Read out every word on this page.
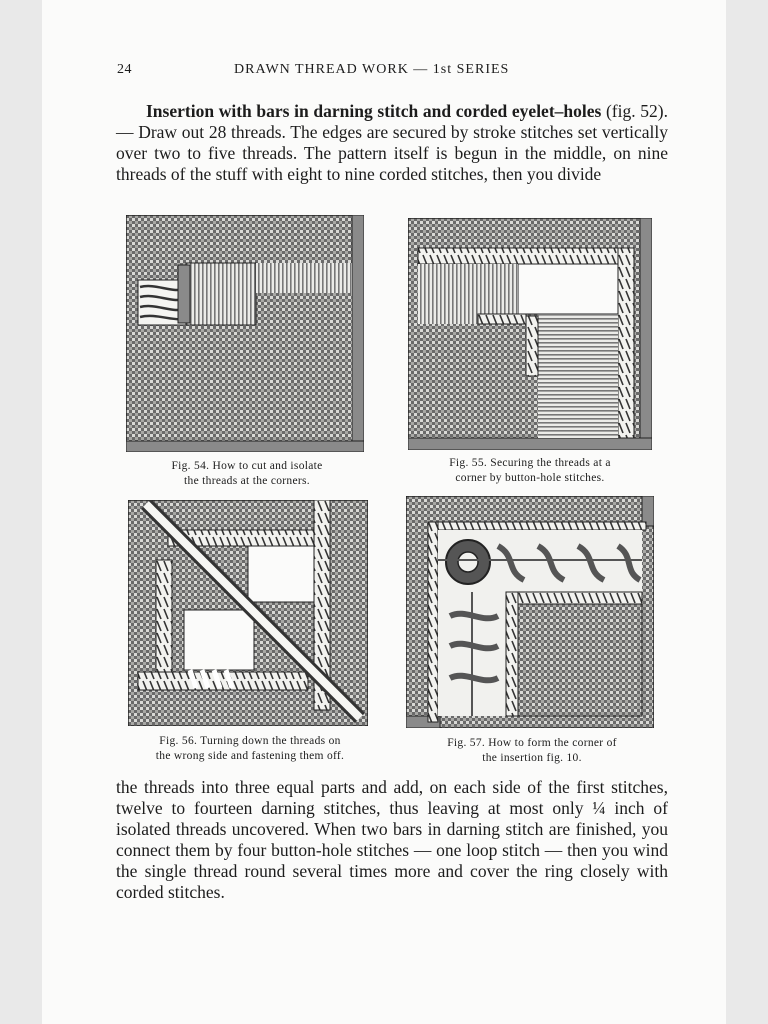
24	DRAWN THREAD WORK — 1st SERIES

Insertion with bars in darning stitch and corded eyelet–holes (fig. 52). — Draw out 28 threads. The edges are secured by stroke stitches set vertically over two to five threads. The pattern itself is begun in the middle, on nine threads of the stuff with eight to nine corded stitches, then you divide

Fig. 54. How to cut and isolate
the threads at the corners.
Fig. 55. Securing the threads at a
corner by button-hole stitches.
Fig. 56. Turning down the threads on
the wrong side and fastening them off.
Fig. 57. How to form the corner of
the insertion fig. 10.

the threads into three equal parts and add, on each side of the first stitches, twelve to fourteen darning stitches, thus leaving at most only ¼ inch of isolated threads uncovered. When two bars in darning stitch are finished, you connect them by four button-hole stitches — one loop stitch — then you wind the single thread round several times more and cover the ring closely with corded stitches.
